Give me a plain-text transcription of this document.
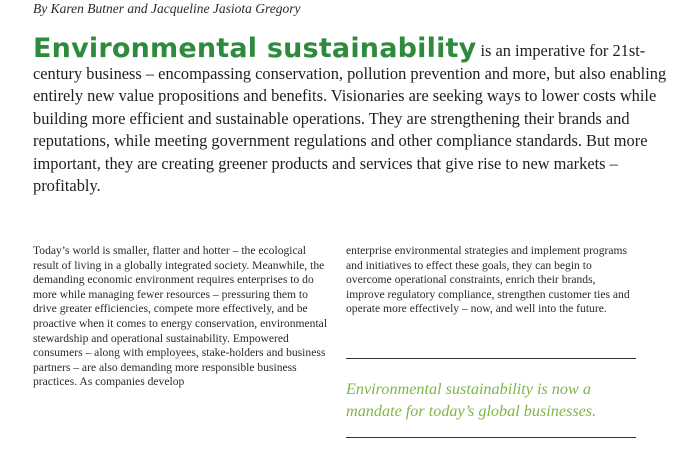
By Karen Butner and Jacqueline Jasiota Gregory

Environmental sustainability is an imperative for 21st-century business – encompassing conservation, pollution prevention and more, but also enabling entirely new value propositions and benefits. Visionaries are seeking ways to lower costs while building more efficient and sustainable operations. They are strengthening their brands and reputations, while meeting government regulations and other compliance standards. But more important, they are creating greener products and services that give rise to new markets – profitably.

Today’s world is smaller, flatter and hotter – the ecological result of living in a globally integrated society. Meanwhile, the demanding economic environment requires enterprises to do more while managing fewer resources – pressuring them to drive greater efficiencies, compete more effectively, and be proactive when it comes to energy conservation, environmental stewardship and operational sustainability. Empowered consumers – along with employees, stake-holders and business partners – are also demanding more responsible business practices. As companies develop

enterprise environmental strategies and implement programs and initiatives to effect these goals, they can begin to overcome operational constraints, enrich their brands, improve regulatory compliance, strengthen customer ties and operate more effectively – now, and well into the future.

Environmental sustainability is now a mandate for today’s global businesses.
